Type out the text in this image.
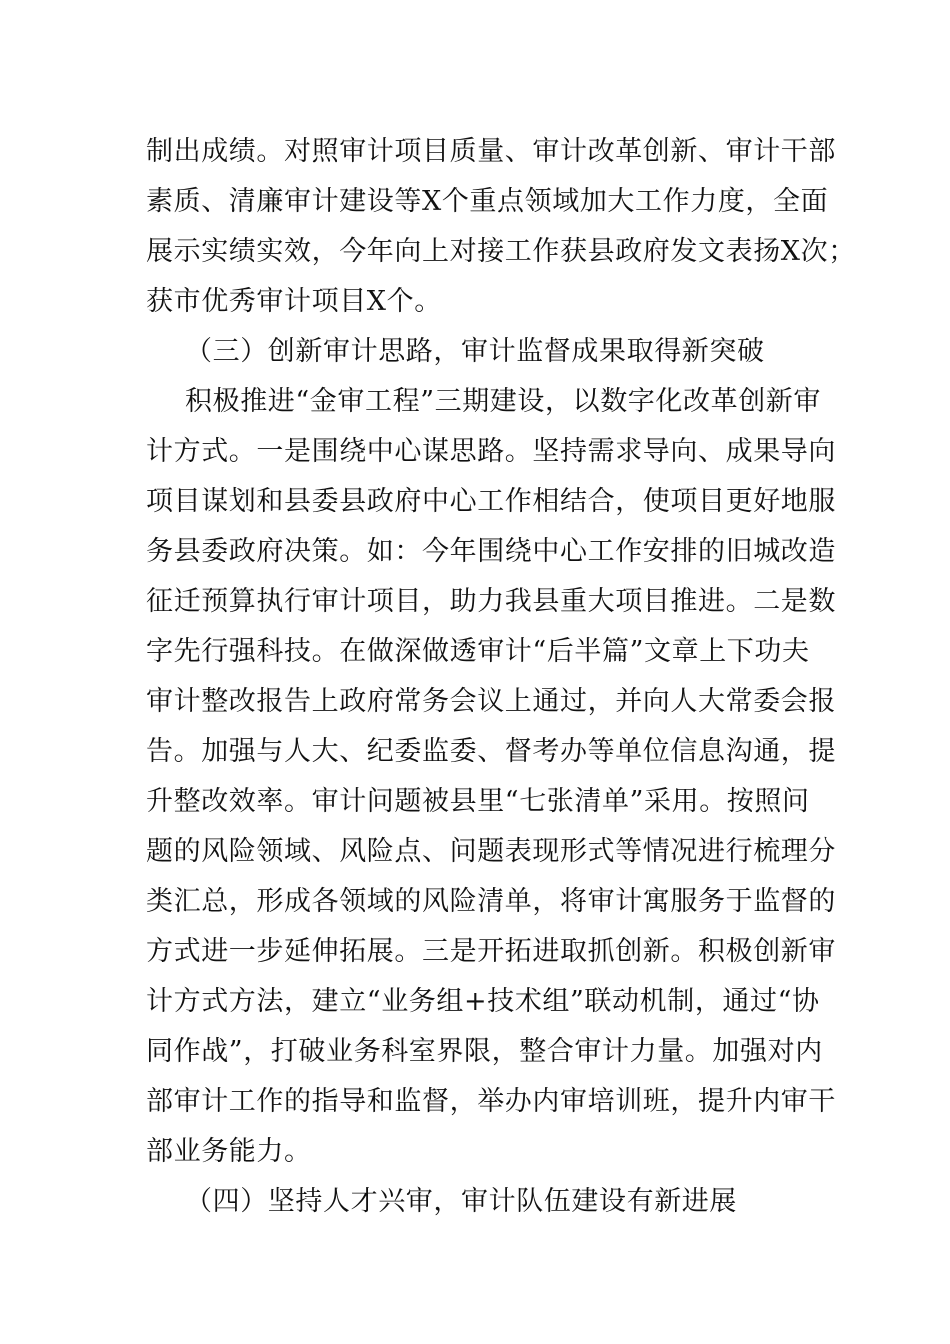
制出成绩。对照审计项目质量、审计改革创新、审计干部
素质、清廉审计建设等X个重点领域加大工作力度，全面
展示实绩实效，今年向上对接工作获县政府发文表扬X次；
获市优秀审计项目X个。
（三）创新审计思路，审计监督成果取得新突破
积极推进“金审工程”三期建设，以数字化改革创新审
计方式。一是围绕中心谋思路。坚持需求导向、成果导向
项目谋划和县委县政府中心工作相结合，使项目更好地服
务县委政府决策。如：今年围绕中心工作安排的旧城改造
征迁预算执行审计项目，助力我县重大项目推进。二是数
字先行强科技。在做深做透审计“后半篇”文章上下功夫
审计整改报告上政府常务会议上通过，并向人大常委会报
告。加强与人大、纪委监委、督考办等单位信息沟通，提
升整改效率。审计问题被县里“七张清单”采用。按照问
题的风险领域、风险点、问题表现形式等情况进行梳理分
类汇总，形成各领域的风险清单，将审计寓服务于监督的
方式进一步延伸拓展。三是开拓进取抓创新。积极创新审
计方式方法，建立“业务组+技术组”联动机制，通过“协
同作战”，打破业务科室界限，整合审计力量。加强对内
部审计工作的指导和监督，举办内审培训班，提升内审干
部业务能力。
（四）坚持人才兴审，审计队伍建设有新进展
